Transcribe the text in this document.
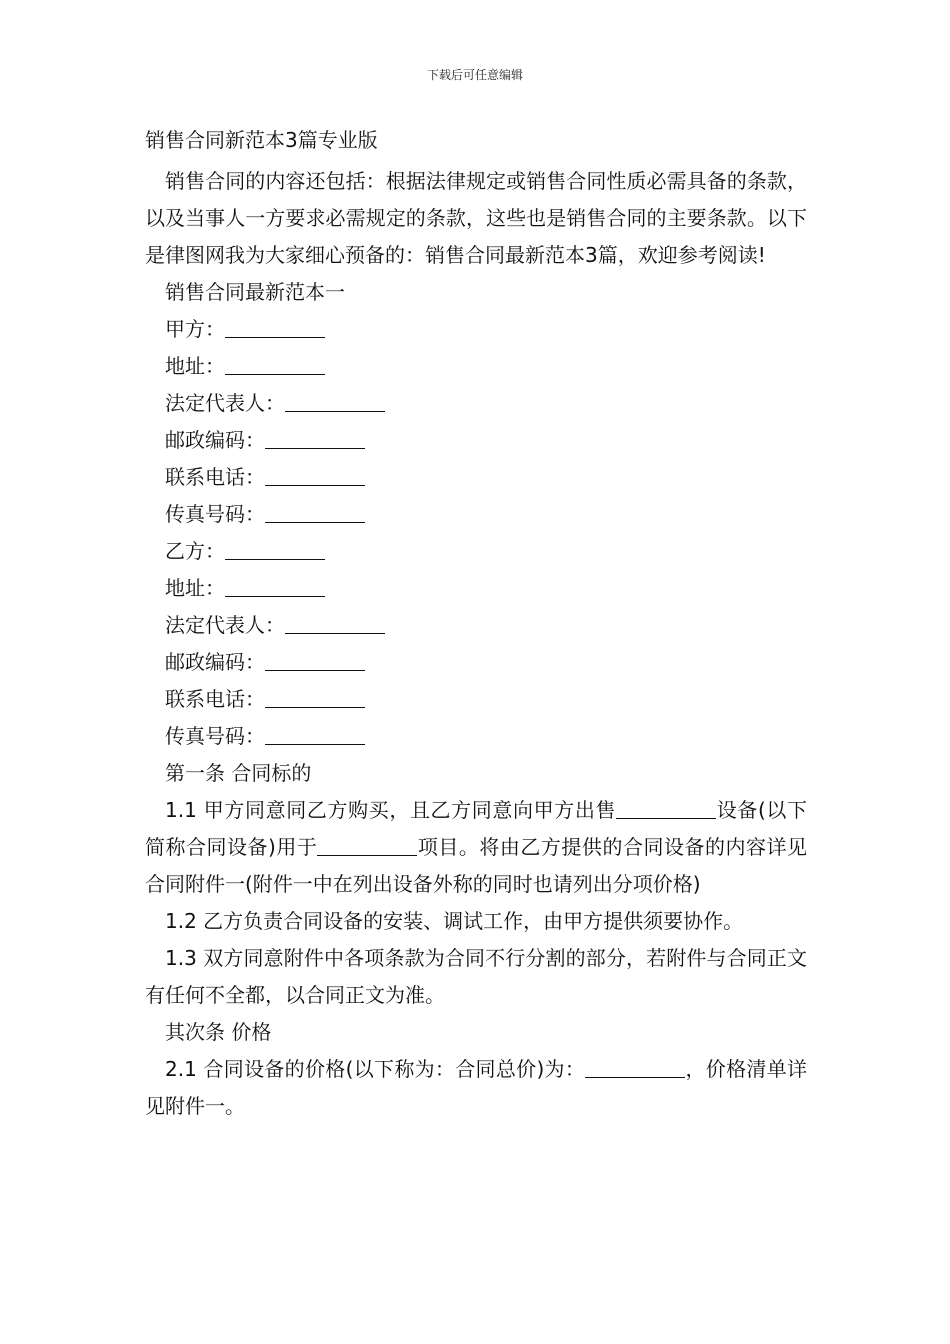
下载后可任意编辑

销售合同新范本3篇专业版

销售合同的内容还包括：根据法律规定或销售合同性质必需具备的条款，以及当事人一方要求必需规定的条款，这些也是销售合同的主要条款。以下是律图网我为大家细心预备的：销售合同最新范本3篇，欢迎参考阅读!

销售合同最新范本一

甲方：

地址：

法定代表人：

邮政编码：

联系电话：

传真号码：

乙方：

地址：

法定代表人：

邮政编码：

联系电话：

传真号码：

第一条 合同标的

1.1 甲方同意同乙方购买，且乙方同意向甲方出售	设备(以下简称合同设备)用于	项目。将由乙方提供的合同设备的内容详见合同附件一(附件一中在列出设备外称的同时也请列出分项价格)

1.2 乙方负责合同设备的安装、调试工作，由甲方提供须要协作。

1.3 双方同意附件中各项条款为合同不行分割的部分，若附件与合同正文有任何不全都，以合同正文为准。

其次条 价格

2.1 合同设备的价格(以下称为：合同总价)为：	，价格清单详见附件一。
